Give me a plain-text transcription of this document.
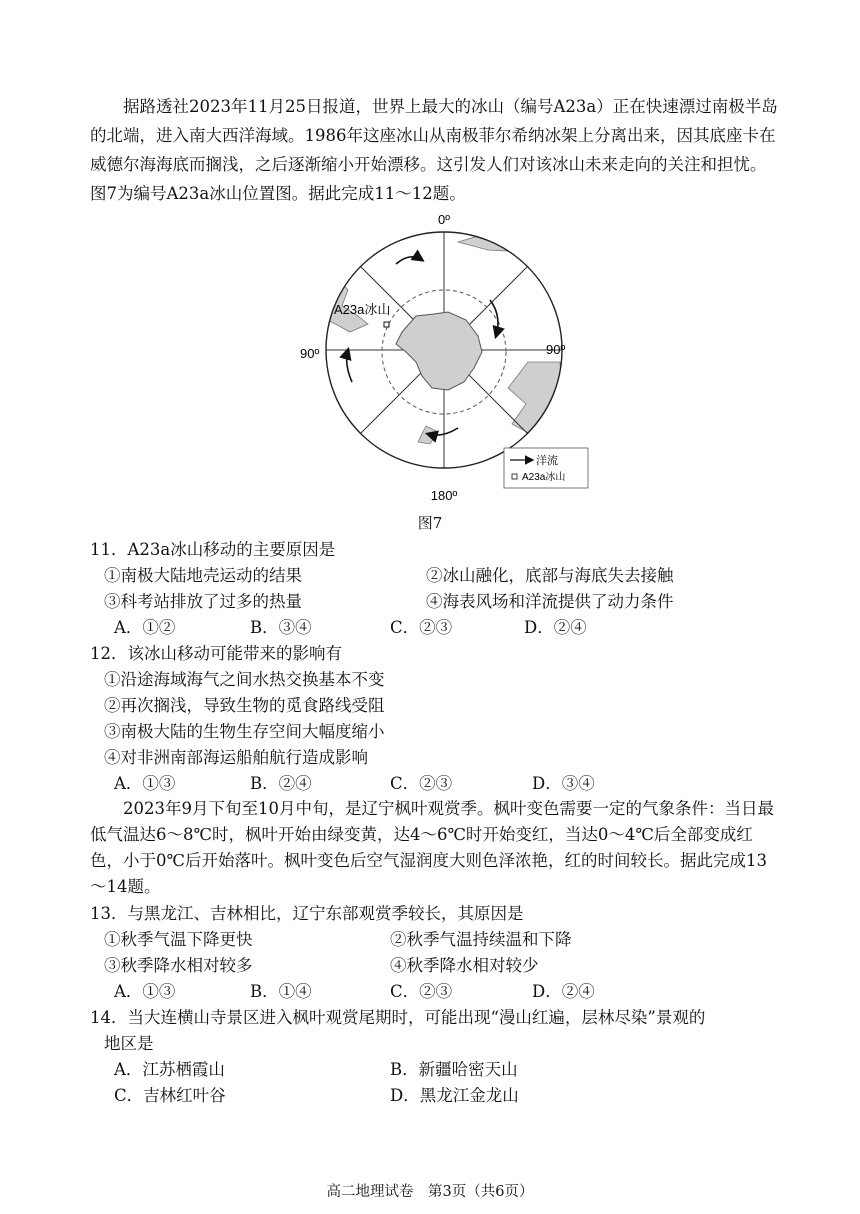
据路透社2023年11月25日报道，世界上最大的冰山（编号A23a）正在快速漂过南极半岛的北端，进入南大西洋海域。1986年这座冰山从南极菲尔希纳冰架上分离出来，因其底座卡在威德尔海海底而搁浅，之后逐渐缩小开始漂移。这引发人们对该冰山未来走向的关注和担忧。图7为编号A23a冰山位置图。据此完成11～12题。

0º
180º
90º	90º
A23a冰山
洋流
A23a冰山
图7
11．A23a冰山移动的主要原因是
①南极大陆地壳运动的结果	②冰山融化，底部与海底失去接触
③科考站排放了过多的热量	④海表风场和洋流提供了动力条件
A．①②	B．③④	C．②③	D．②④
12．该冰山移动可能带来的影响有
①沿途海域海气之间水热交换基本不变
②再次搁浅，导致生物的觅食路线受阻
③南极大陆的生物生存空间大幅度缩小
④对非洲南部海运船舶航行造成影响
A．①③	B．②④	C．②③	D．③④

2023年9月下旬至10月中旬，是辽宁枫叶观赏季。枫叶变色需要一定的气象条件：当日最低气温达6～8℃时，枫叶开始由绿变黄，达4～6℃时开始变红，当达0～4℃后全部变成红色，小于0℃后开始落叶。枫叶变色后空气湿润度大则色泽浓艳，红的时间较长。据此完成13～14题。

13．与黑龙江、吉林相比，辽宁东部观赏季较长，其原因是
①秋季气温下降更快	②秋季气温持续温和下降
③秋季降水相对较多	④秋季降水相对较少
A．①③	B．①④	C．②③	D．②④
14．当大连横山寺景区进入枫叶观赏尾期时，可能出现“漫山红遍，层林尽染”景观的
地区是
A．江苏栖霞山	B．新疆哈密天山
C．吉林红叶谷	D．黑龙江金龙山
高二地理试卷　第3页（共6页）
